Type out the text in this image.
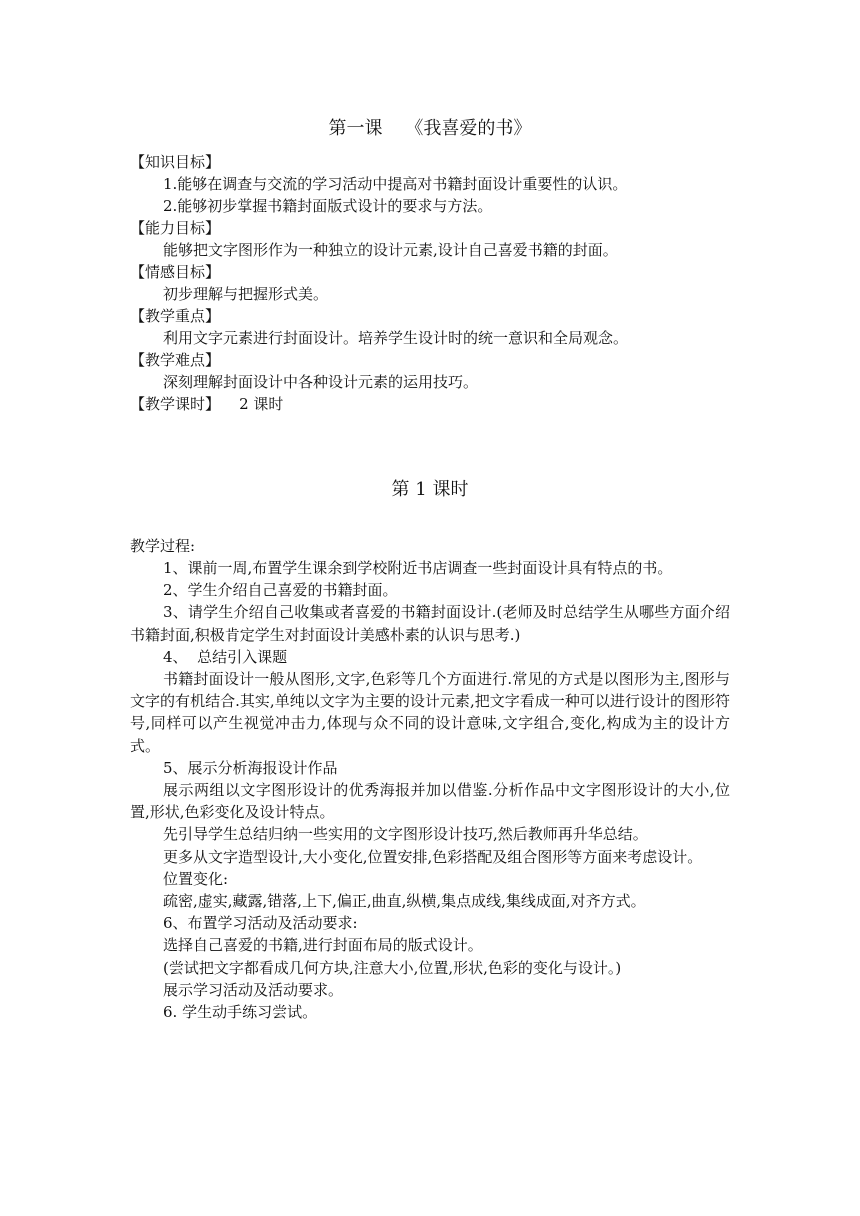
第一课    《我喜爱的书》
【知识目标】
1.能够在调查与交流的学习活动中提高对书籍封面设计重要性的认识。
2.能够初步掌握书籍封面版式设计的要求与方法。
【能力目标】
能够把文字图形作为一种独立的设计元素,设计自己喜爱书籍的封面。
【情感目标】
初步理解与把握形式美。
【教学重点】
利用文字元素进行封面设计。培养学生设计时的统一意识和全局观念。
【教学难点】
深刻理解封面设计中各种设计元素的运用技巧。
【教学课时】 2 课时
第 1 课时
教学过程:

1、课前一周,布置学生课余到学校附近书店调查一些封面设计具有特点的书。

2、学生介绍自己喜爱的书籍封面。

3、请学生介绍自己收集或者喜爱的书籍封面设计.(老师及时总结学生从哪些方面介绍书籍封面,积极肯定学生对封面设计美感朴素的认识与思考.)

4、  总结引入课题

书籍封面设计一般从图形,文字,色彩等几个方面进行.常见的方式是以图形为主,图形与文字的有机结合.其实,单纯以文字为主要的设计元素,把文字看成一种可以进行设计的图形符号,同样可以产生视觉冲击力,体现与众不同的设计意味,文字组合,变化,构成为主的设计方式。

5、展示分析海报设计作品

展示两组以文字图形设计的优秀海报并加以借鉴.分析作品中文字图形设计的大小,位置,形状,色彩变化及设计特点。

先引导学生总结归纳一些实用的文字图形设计技巧,然后教师再升华总结。

更多从文字造型设计,大小变化,位置安排,色彩搭配及组合图形等方面来考虑设计。

位置变化:

疏密,虚实,藏露,错落,上下,偏正,曲直,纵横,集点成线,集线成面,对齐方式。

6、布置学习活动及活动要求:

选择自己喜爱的书籍,进行封面布局的版式设计。

(尝试把文字都看成几何方块,注意大小,位置,形状,色彩的变化与设计。)

展示学习活动及活动要求。

6. 学生动手练习尝试。
